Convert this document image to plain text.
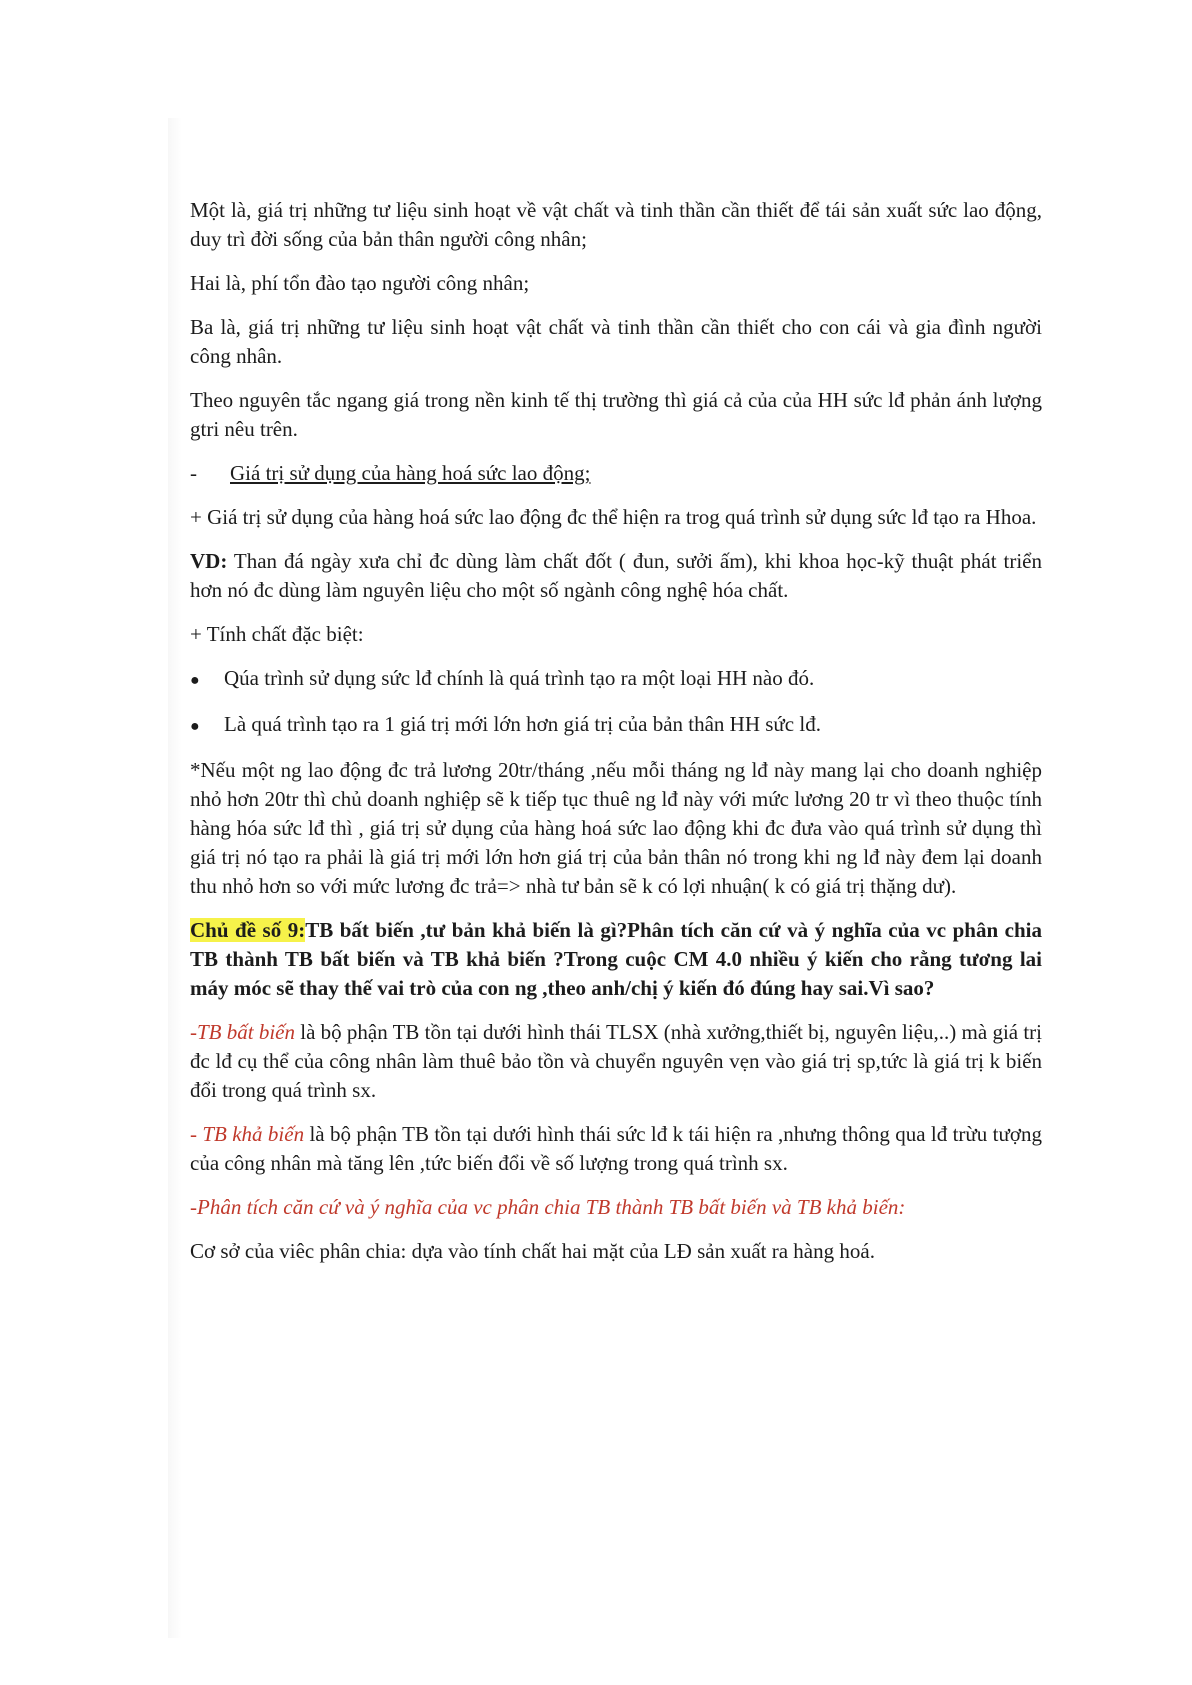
Một là, giá trị những tư liệu sinh hoạt về vật chất và tinh thần cần thiết để tái sản xuất sức lao động, duy trì đời sống của bản thân người công nhân;

Hai là, phí tổn đào tạo người công nhân;

Ba là, giá trị những tư liệu sinh hoạt vật chất và tinh thần cần thiết cho con cái và gia đình người công nhân.

Theo nguyên tắc ngang giá trong nền kinh tế thị trường thì giá cả của của HH sức lđ phản ánh lượng gtri nêu trên.

-	Giá trị sử dụng của hàng hoá sức lao động;

+ Giá trị sử dụng của hàng hoá sức lao động đc thể hiện ra trog quá trình sử dụng sức lđ tạo ra Hhoa.

VD: Than đá ngày xưa chỉ đc dùng làm chất đốt ( đun, sưởi ấm), khi khoa học-kỹ thuật phát triển hơn nó đc dùng làm nguyên liệu cho một số ngành công nghệ hóa chất.

+ Tính chất đặc biệt:

●	Qúa trình sử dụng sức lđ chính là quá trình tạo ra một loại HH nào đó.
●	Là quá trình tạo ra 1 giá trị mới lớn hơn giá trị của bản thân HH sức lđ.

*Nếu một ng lao động đc trả lương 20tr/tháng ,nếu mỗi tháng ng lđ này mang lại cho doanh nghiệp nhỏ hơn 20tr thì chủ doanh nghiệp sẽ k tiếp tục thuê ng lđ này với mức lương 20 tr vì theo thuộc tính hàng hóa sức lđ thì , giá trị sử dụng của hàng hoá sức lao động khi đc đưa vào quá trình sử dụng thì giá trị nó tạo ra phải là giá trị mới lớn hơn giá trị của bản thân nó trong khi ng lđ này đem lại doanh thu nhỏ hơn so với mức lương đc trả=> nhà tư bản sẽ k có lợi nhuận( k có giá trị thặng dư).

Chủ đề số 9:TB bất biến ,tư bản khả biến là gì?Phân tích căn cứ và ý nghĩa của vc phân chia TB thành TB bất biến và TB khả biến ?Trong cuộc CM 4.0 nhiều ý kiến cho rằng tương lai máy móc sẽ thay thế vai trò của con ng ,theo anh/chị ý kiến đó đúng hay sai.Vì sao?

-TB bất biến là bộ phận TB tồn tại dưới hình thái TLSX (nhà xưởng,thiết bị, nguyên liệu,..) mà giá trị đc lđ cụ thể của công nhân làm thuê bảo tồn và chuyển nguyên vẹn vào giá trị sp,tức là giá trị k biến đổi trong quá trình sx.

- TB khả biến là bộ phận TB tồn tại dưới hình thái sức lđ k tái hiện ra ,nhưng thông qua lđ trừu tượng của công nhân mà tăng lên ,tức biến đổi về số lượng trong quá trình sx.

-Phân tích căn cứ và ý nghĩa của vc phân chia TB thành TB bất biến và TB khả biến:

Cơ sở của viêc phân chia: dựa vào tính chất hai mặt của LĐ sản xuất ra hàng hoá.
